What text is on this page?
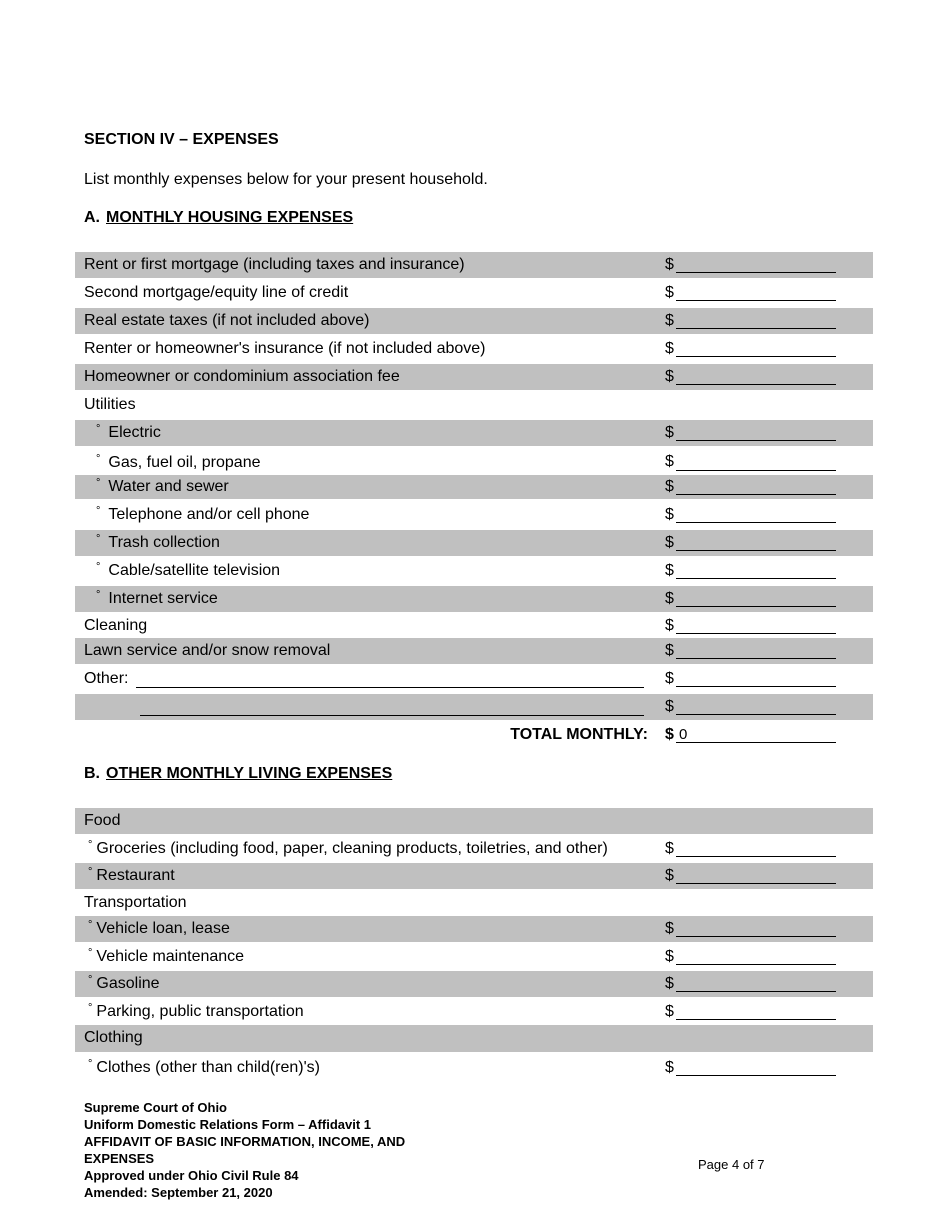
SECTION IV – EXPENSES
List monthly expenses below for your present household.
A. MONTHLY HOUSING EXPENSES
Rent or first mortgage (including taxes and insurance)	$
Second mortgage/equity line of credit	$
Real estate taxes (if not included above)	$
Renter or homeowner's insurance (if not included above)	$
Homeowner or condominium association fee	$
Utilities
° Electric	$
° Gas, fuel oil, propane	$
° Water and sewer	$
° Telephone and/or cell phone	$
° Trash collection	$
° Cable/satellite television	$
° Internet service	$
Cleaning	$
Lawn service and/or snow removal	$
Other:	$
$
TOTAL MONTHLY: $ 0
B. OTHER MONTHLY LIVING EXPENSES
Food
° Groceries (including food, paper, cleaning products, toiletries, and other)	$
° Restaurant	$
Transportation
° Vehicle loan, lease	$
° Vehicle maintenance	$
° Gasoline	$
° Parking, public transportation	$
Clothing
° Clothes (other than child(ren)'s)	$
Supreme Court of Ohio
Uniform Domestic Relations Form – Affidavit 1
AFFIDAVIT OF BASIC INFORMATION, INCOME, AND
EXPENSES
Approved under Ohio Civil Rule 84
Amended: September 21, 2020
Page 4 of 7
